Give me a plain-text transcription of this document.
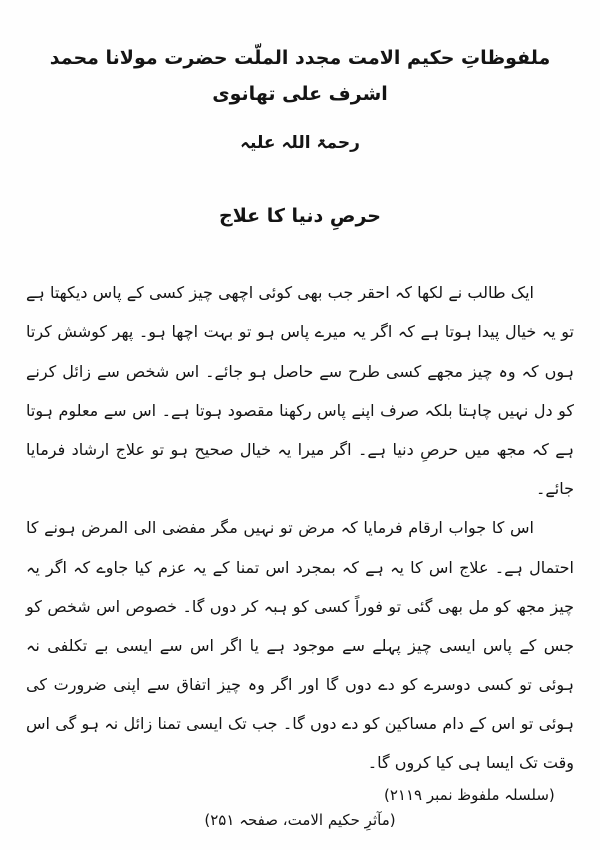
ملفوظاتِ حکیم الامت مجدد الملّت حضرت مولانا محمد اشرف علی تھانوی
رحمۃ اللہ علیہ
حرصِ دنیا کا علاج

ایک طالب نے لکھا کہ احقر جب بھی کوئی اچھی چیز کسی کے پاس دیکھتا ہے تو یہ خیال پیدا ہوتا ہے کہ اگر یہ میرے پاس ہو تو بہت اچھا ہو۔ پھر کوشش کرتا ہوں کہ وہ چیز مجھے کسی طرح سے حاصل ہو جائے۔ اس شخص سے زائل کرنے کو دل نہیں چاہتا بلکہ صرف اپنے پاس رکھنا مقصود ہوتا ہے۔ اس سے معلوم ہوتا ہے کہ مجھ میں حرصِ دنیا ہے۔ اگر میرا یہ خیال صحیح ہو تو علاج ارشاد فرمایا جائے۔

اس کا جواب ارقام فرمایا کہ مرض تو نہیں مگر مفضی الی المرض ہونے کا احتمال ہے۔ علاج اس کا یہ ہے کہ بمجرد اس تمنا کے یہ عزم کیا جاوے کہ اگر یہ چیز مجھ کو مل بھی گئی تو فوراً کسی کو ہبہ کر دوں گا۔ خصوص اس شخص کو جس کے پاس ایسی چیز پہلے سے موجود ہے یا اگر اس سے ایسی بے تکلفی نہ ہوئی تو کسی دوسرے کو دے دوں گا اور اگر وہ چیز اتفاق سے اپنی ضرورت کی ہوئی تو اس کے دام مساکین کو دے دوں گا۔ جب تک ایسی تمنا زائل نہ ہو گی اس وقت تک ایسا ہی کیا کروں گا۔

(مآثرِ حکیم الامت، صفحہ ۲۵۱)
(سلسلہ ملفوظ نمبر ۲۱۱۹)
